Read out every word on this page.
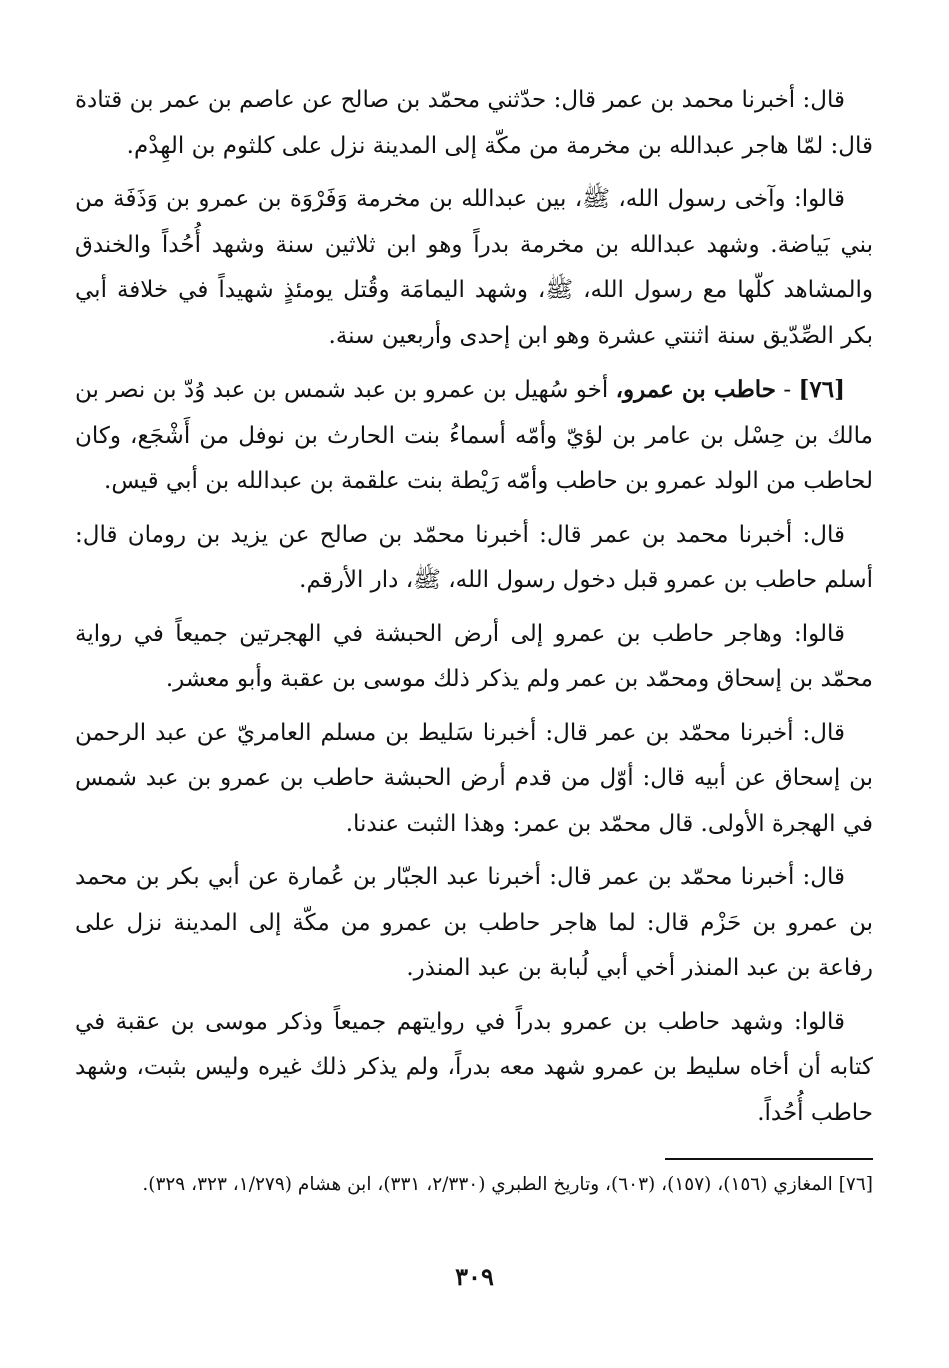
قال: أخبرنا محمد بن عمر قال: حدّثني محمّد بن صالح عن عاصم بن عمر بن قتادة قال: لمّا هاجر عبدالله بن مخرمة من مكّة إلى المدينة نزل على كلثوم بن الهِدْم.

قالوا: وآخى رسول الله، ﷺ، بين عبدالله بن مخرمة وَفَرْوَة بن عمرو بن وَذَفَة من بني بَياضة. وشهد عبدالله بن مخرمة بدراً وهو ابن ثلاثين سنة وشهد أُحُداً والخندق والمشاهد كلّها مع رسول الله، ﷺ، وشهد اليمامَة وقُتل يومئذٍ شهيداً في خلافة أبي بكر الصِّدّيق سنة اثنتي عشرة وهو ابن إحدى وأربعين سنة.

[٧٦] - حاطب بن عمرو، أخو سُهيل بن عمرو بن عبد شمس بن عبد وُدّ بن نصر بن مالك بن حِسْل بن عامر بن لؤيّ وأمّه أسماءُ بنت الحارث بن نوفل من أَشْجَع، وكان لحاطب من الولد عمرو بن حاطب وأمّه رَيْطة بنت علقمة بن عبدالله بن أبي قيس.

قال: أخبرنا محمد بن عمر قال: أخبرنا محمّد بن صالح عن يزيد بن رومان قال: أسلم حاطب بن عمرو قبل دخول رسول الله، ﷺ، دار الأرقم.

قالوا: وهاجر حاطب بن عمرو إلى أرض الحبشة في الهجرتين جميعاً في رواية محمّد بن إسحاق ومحمّد بن عمر ولم يذكر ذلك موسى بن عقبة وأبو معشر.

قال: أخبرنا محمّد بن عمر قال: أخبرنا سَليط بن مسلم العامريّ عن عبد الرحمن بن إسحاق عن أبيه قال: أوّل من قدم أرض الحبشة حاطب بن عمرو بن عبد شمس في الهجرة الأولى. قال محمّد بن عمر: وهذا الثبت عندنا.

قال: أخبرنا محمّد بن عمر قال: أخبرنا عبد الجبّار بن عُمارة عن أبي بكر بن محمد بن عمرو بن حَزْم قال: لما هاجر حاطب بن عمرو من مكّة إلى المدينة نزل على رفاعة بن عبد المنذر أخي أبي لُبابة بن عبد المنذر.

قالوا: وشهد حاطب بن عمرو بدراً في روايتهم جميعاً وذكر موسى بن عقبة في كتابه أن أخاه سليط بن عمرو شهد معه بدراً، ولم يذكر ذلك غيره وليس بثبت، وشهد حاطب أُحُداً.

[٧٦] المغازي (١٥٦)، (١٥٧)، (٦٠٣)، وتاريخ الطبري (٢/٣٣٠، ٣٣١)، ابن هشام (١/٢٧٩، ٣٢٣، ٣٢٩).

٣٠٩
